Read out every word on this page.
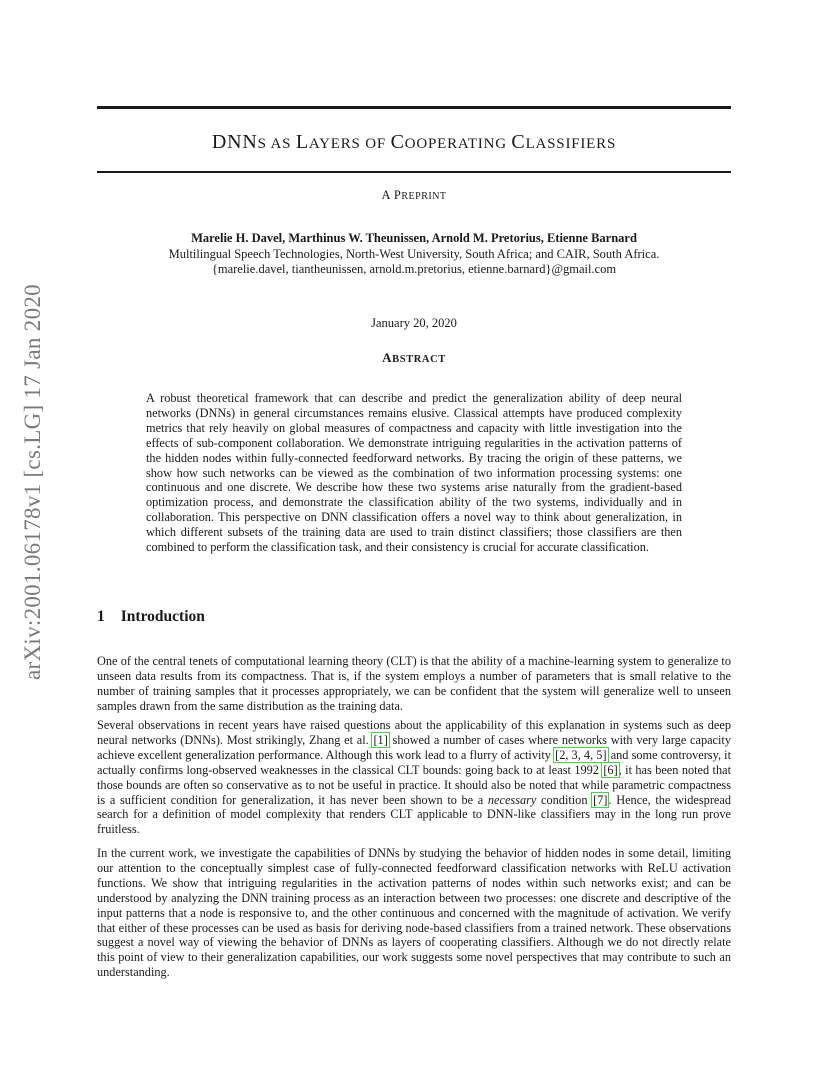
arXiv:2001.06178v1 [cs.LG] 17 Jan 2020
DNNS AS LAYERS OF COOPERATING CLASSIFIERS
A PREPRINT
Marelie H. Davel, Marthinus W. Theunissen, Arnold M. Pretorius, Etienne Barnard
Multilingual Speech Technologies, North-West University, South Africa; and CAIR, South Africa.
{marelie.davel, tiantheunissen, arnold.m.pretorius, etienne.barnard}@gmail.com
January 20, 2020
ABSTRACT
A robust theoretical framework that can describe and predict the generalization ability of deep neural networks (DNNs) in general circumstances remains elusive. Classical attempts have produced complexity metrics that rely heavily on global measures of compactness and capacity with little investigation into the effects of sub-component collaboration. We demonstrate intriguing regularities in the activation patterns of the hidden nodes within fully-connected feedforward networks. By tracing the origin of these patterns, we show how such networks can be viewed as the combination of two information processing systems: one continuous and one discrete. We describe how these two systems arise naturally from the gradient-based optimization process, and demonstrate the classification ability of the two systems, individually and in collaboration. This perspective on DNN classification offers a novel way to think about generalization, in which different subsets of the training data are used to train distinct classifiers; those classifiers are then combined to perform the classification task, and their consistency is crucial for accurate classification.
1 Introduction
One of the central tenets of computational learning theory (CLT) is that the ability of a machine-learning system to generalize to unseen data results from its compactness. That is, if the system employs a number of parameters that is small relative to the number of training samples that it processes appropriately, we can be confident that the system will generalize well to unseen samples drawn from the same distribution as the training data.
Several observations in recent years have raised questions about the applicability of this explanation in systems such as deep neural networks (DNNs). Most strikingly, Zhang et al. [1] showed a number of cases where networks with very large capacity achieve excellent generalization performance. Although this work lead to a flurry of activity [2, 3, 4, 5] and some controversy, it actually confirms long-observed weaknesses in the classical CLT bounds: going back to at least 1992 [6], it has been noted that those bounds are often so conservative as to not be useful in practice. It should also be noted that while parametric compactness is a sufficient condition for generalization, it has never been shown to be a necessary condition [7]. Hence, the widespread search for a definition of model complexity that renders CLT applicable to DNN-like classifiers may in the long run prove fruitless.
In the current work, we investigate the capabilities of DNNs by studying the behavior of hidden nodes in some detail, limiting our attention to the conceptually simplest case of fully-connected feedforward classification networks with ReLU activation functions. We show that intriguing regularities in the activation patterns of nodes within such networks exist; and can be understood by analyzing the DNN training process as an interaction between two processes: one discrete and descriptive of the input patterns that a node is responsive to, and the other continuous and concerned with the magnitude of activation. We verify that either of these processes can be used as basis for deriving node-based classifiers from a trained network. These observations suggest a novel way of viewing the behavior of DNNs as layers of cooperating classifiers. Although we do not directly relate this point of view to their generalization capabilities, our work suggests some novel perspectives that may contribute to such an understanding.
